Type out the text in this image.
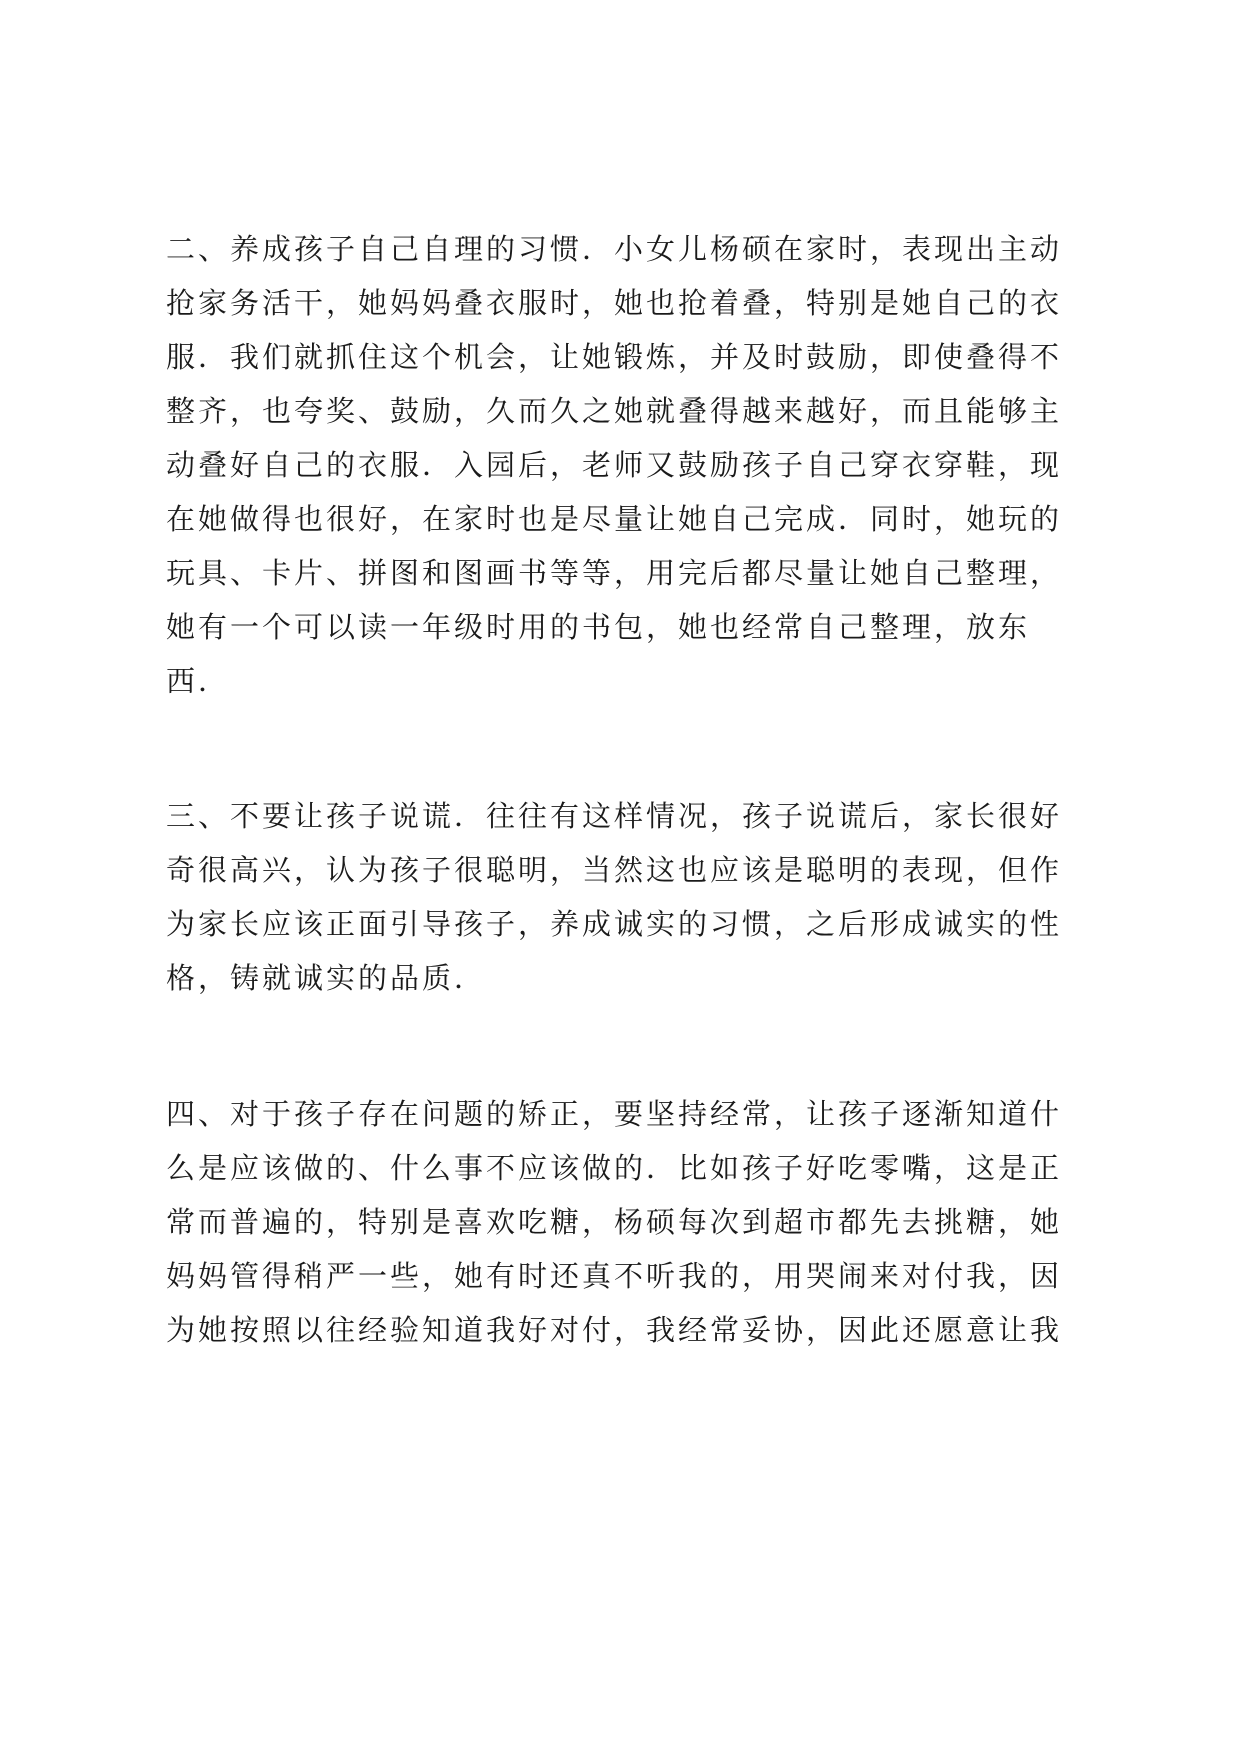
二、养成孩子自己自理的习惯．小女儿杨硕在家时，表现出主动
抢家务活干，她妈妈叠衣服时，她也抢着叠，特别是她自己的衣
服．我们就抓住这个机会，让她锻炼，并及时鼓励，即使叠得不
整齐，也夸奖、鼓励，久而久之她就叠得越来越好，而且能够主
动叠好自己的衣服．入园后，老师又鼓励孩子自己穿衣穿鞋，现
在她做得也很好，在家时也是尽量让她自己完成．同时，她玩的
玩具、卡片、拼图和图画书等等，用完后都尽量让她自己整理，
她有一个可以读一年级时用的书包，她也经常自己整理，放东
西．

三、不要让孩子说谎．往往有这样情况，孩子说谎后，家长很好
奇很高兴，认为孩子很聪明，当然这也应该是聪明的表现，但作
为家长应该正面引导孩子，养成诚实的习惯，之后形成诚实的性
格，铸就诚实的品质．

四、对于孩子存在问题的矫正，要坚持经常，让孩子逐渐知道什
么是应该做的、什么事不应该做的．比如孩子好吃零嘴，这是正
常而普遍的，特别是喜欢吃糖，杨硕每次到超市都先去挑糖，她
妈妈管得稍严一些，她有时还真不听我的，用哭闹来对付我，因
为她按照以往经验知道我好对付，我经常妥协，因此还愿意让我
